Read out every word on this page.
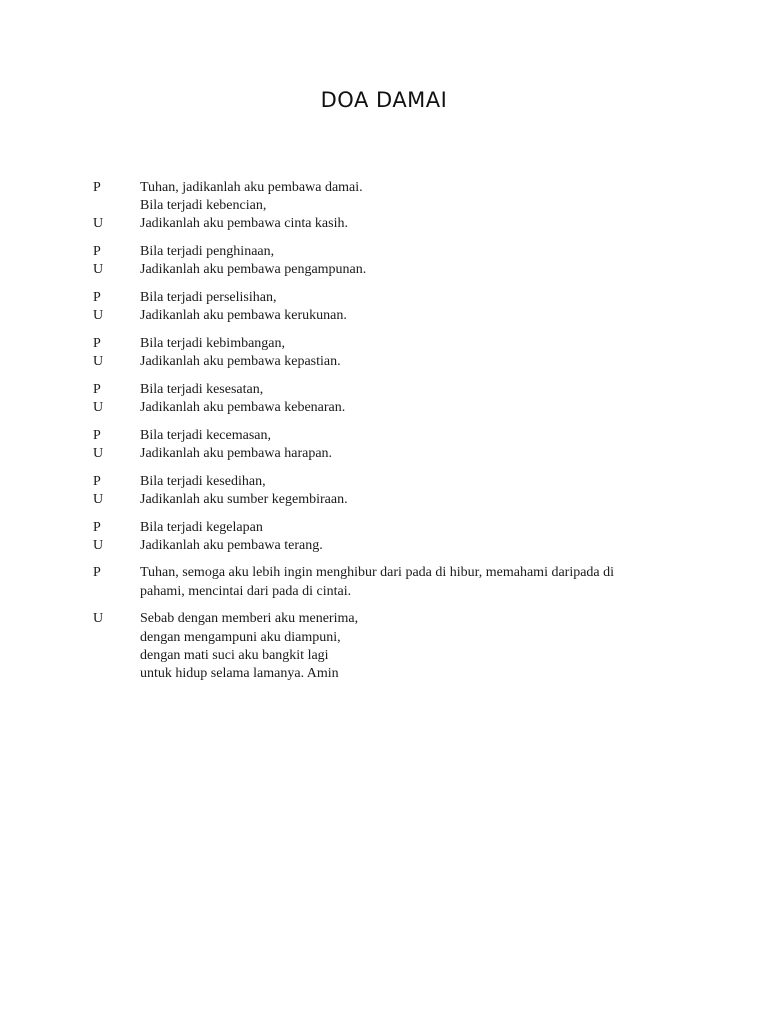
DOA DAMAI
P	Tuhan, jadikanlah aku pembawa damai.
Bila terjadi kebencian,
U	Jadikanlah aku pembawa cinta kasih.
P	Bila terjadi penghinaan,
U	Jadikanlah aku pembawa pengampunan.
P	Bila terjadi perselisihan,
U	Jadikanlah aku pembawa kerukunan.
P	Bila terjadi kebimbangan,
U	Jadikanlah aku pembawa kepastian.
P	Bila terjadi kesesatan,
U	Jadikanlah aku pembawa kebenaran.
P	Bila terjadi kecemasan,
U	Jadikanlah aku pembawa harapan.
P	Bila terjadi kesedihan,
U	Jadikanlah aku sumber kegembiraan.
P	Bila terjadi kegelapan
U	Jadikanlah aku pembawa terang.
P	Tuhan, semoga aku lebih ingin menghibur dari pada di hibur, memahami daripada di
pahami, mencintai dari pada di cintai.
U	Sebab dengan memberi aku menerima,
dengan mengampuni aku diampuni,
dengan mati suci aku bangkit lagi
untuk hidup selama lamanya. Amin
